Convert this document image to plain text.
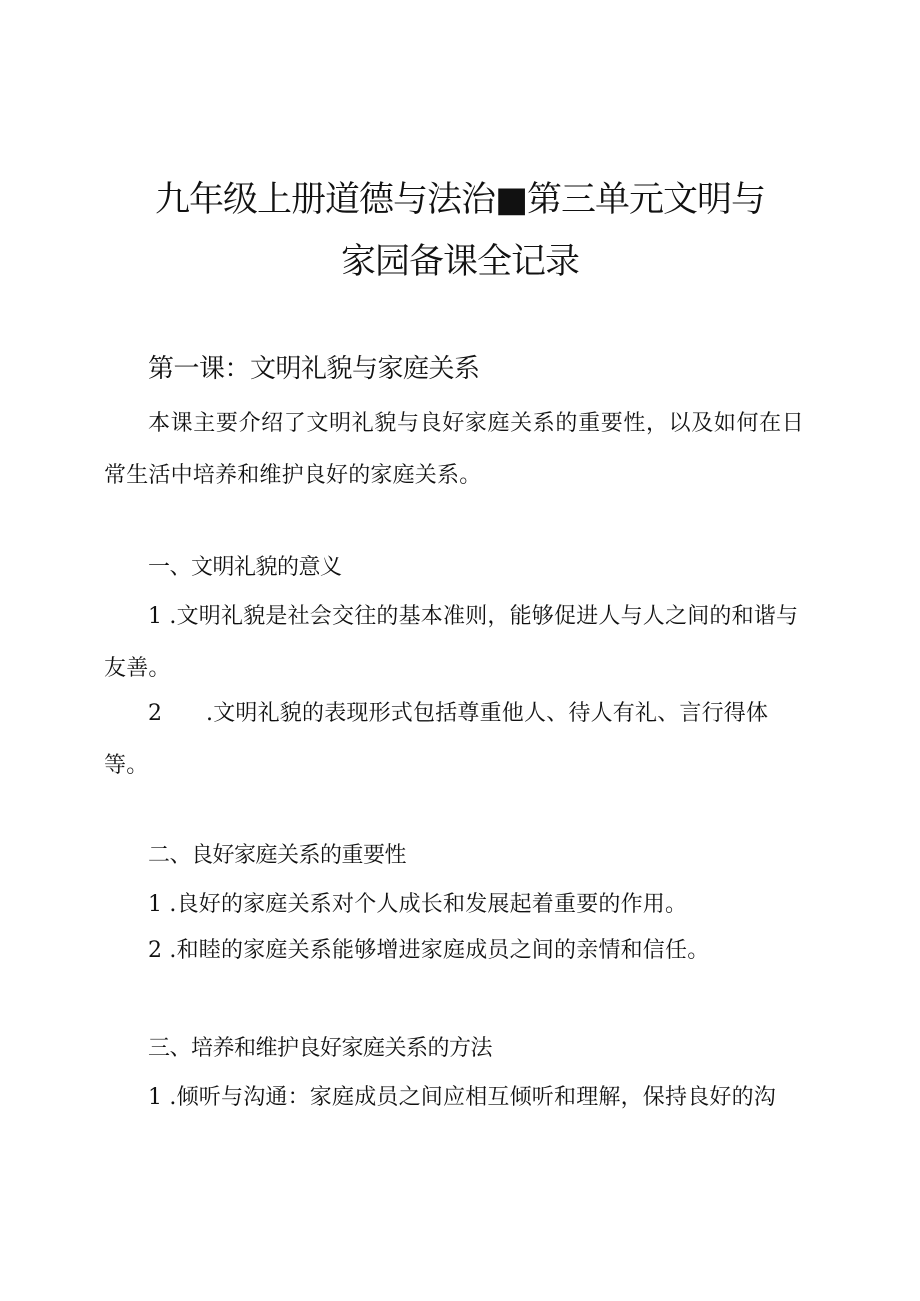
九年级上册道德与法治■第三单元文明与
家园备课全记录
第一课：文明礼貌与家庭关系

本课主要介绍了文明礼貌与良好家庭关系的重要性，以及如何在日常生活中培养和维护良好的家庭关系。

一、文明礼貌的意义

1 .文明礼貌是社会交往的基本准则，能够促进人与人之间的和谐与友善。

2 .文明礼貌的表现形式包括尊重他人、待人有礼、言行得体等。

二、良好家庭关系的重要性

1 .良好的家庭关系对个人成长和发展起着重要的作用。

2 .和睦的家庭关系能够增进家庭成员之间的亲情和信任。

三、培养和维护良好家庭关系的方法

1 .倾听与沟通：家庭成员之间应相互倾听和理解，保持良好的沟
